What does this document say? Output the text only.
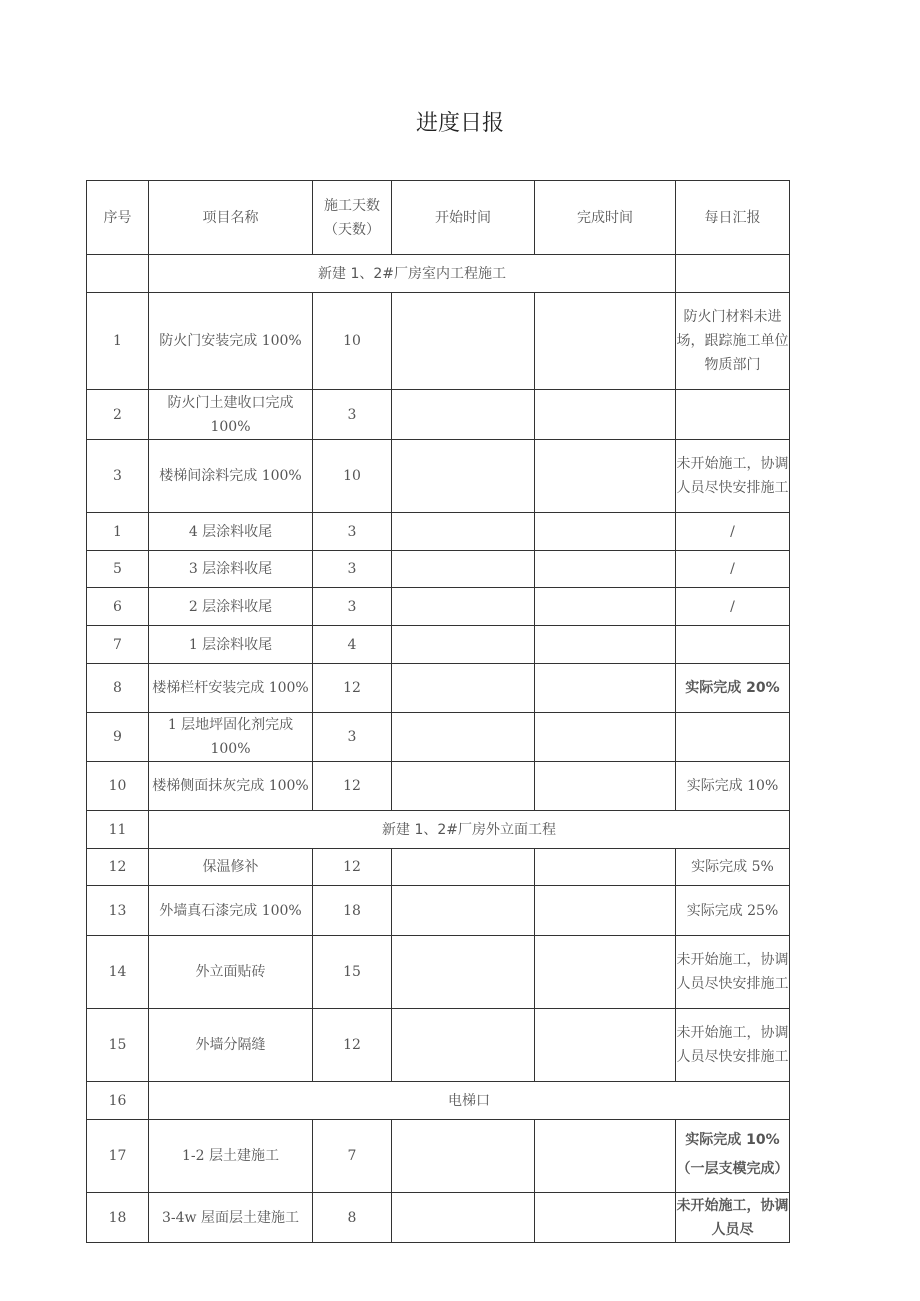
进度日报
序号	项目名称	施工天数（天数）	开始时间	完成时间	每日汇报
	新建 1、2#厂房室内工程施工				
1	防火门安装完成 100%	10			防火门材料未进场，跟踪施工单位物质部门
2	防火门土建收口完成 100%	3			
3	楼梯间涂料完成 100%	10			未开始施工，协调人员尽快安排施工
1	4 层涂料收尾	3			/
5	3 层涂料收尾	3			/
6	2 层涂料收尾	3			/
7	1 层涂料收尾	4			
8	楼梯栏杆安装完成 100%	12			实际完成 20%
9	1 层地坪固化剂完成 100%	3			
10	楼梯侧面抹灰完成 100%	12			实际完成 10%
11	新建 1、2#厂房外立面工程				
12	保温修补	12			实际完成 5%
13	外墙真石漆完成 100%	18			实际完成 25%
14	外立面贴砖	15			未开始施工，协调人员尽快安排施工
15	外墙分隔缝	12			未开始施工，协调人员尽快安排施工
16	电梯口				
17	1-2 层土建施工	7			实际完成 10%（一层支模完成）

18	3-4w 屋面层土建施工	8			未开始施工，协调人员尽
